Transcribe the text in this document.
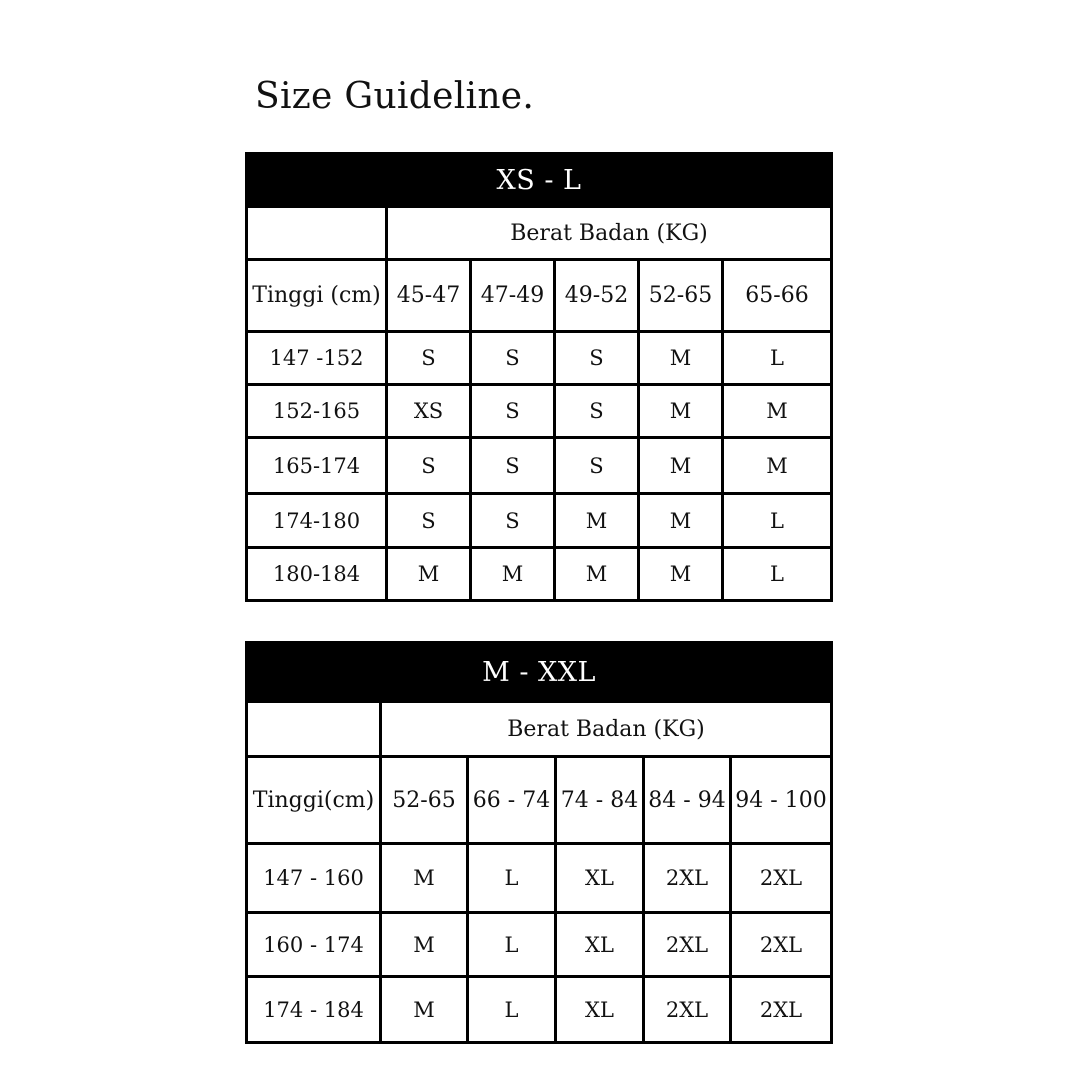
Size Guideline.
XS - L					
	Berat Badan (KG)				
Tinggi (cm)	45-47	47-49	49-52	52-65	65-66
147 -152	S	S	S	M	L
152-165	XS	S	S	M	M
165-174	S	S	S	M	M
174-180	S	S	M	M	L
180-184	M	M	M	M	L
M - XXL					
	Berat Badan (KG)				
Tinggi(cm)	52-65	66 - 74	74 - 84	84 - 94	94 - 100
147 - 160	M	L	XL	2XL	2XL
160 - 174	M	L	XL	2XL	2XL
174 - 184	M	L	XL	2XL	2XL
